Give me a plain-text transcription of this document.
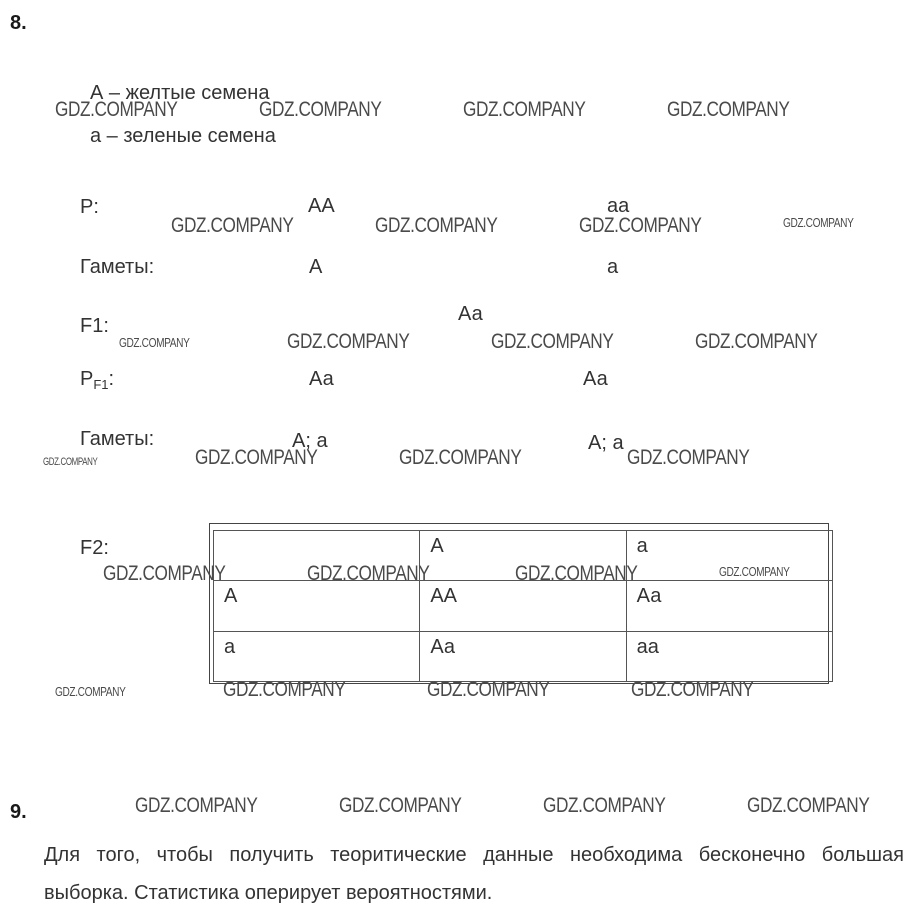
8.
А – желтые семена
а – зеленые семена
P:	АА	аа
Гаметы:	А	а
F1:
Аа
$P_{F1}$:	Аа	Аа
Гаметы:	А; а	А; а
F2:
		А	а
А	АА	Аа
а	Аа	аа
9.
Для того, чтобы получить теоритические данные необходима бесконечно большая выборка. Статистика оперирует вероятностями.
GDZ.COMPANY	GDZ.COMPANY	GDZ.COMPANY	GDZ.COMPANY
GDZ.COMPANY	GDZ.COMPANY	GDZ.COMPANY	GDZ.COMPANY
GDZ.COMPANY	GDZ.COMPANY	GDZ.COMPANY	GDZ.COMPANY
GDZ.COMPANY	GDZ.COMPANY	GDZ.COMPANY	GDZ.COMPANY
GDZ.COMPANY	GDZ.COMPANY	GDZ.COMPANY	GDZ.COMPANY
GDZ.COMPANY	GDZ.COMPANY	GDZ.COMPANY	GDZ.COMPANY
GDZ.COMPANY	GDZ.COMPANY	GDZ.COMPANY	GDZ.COMPANY
